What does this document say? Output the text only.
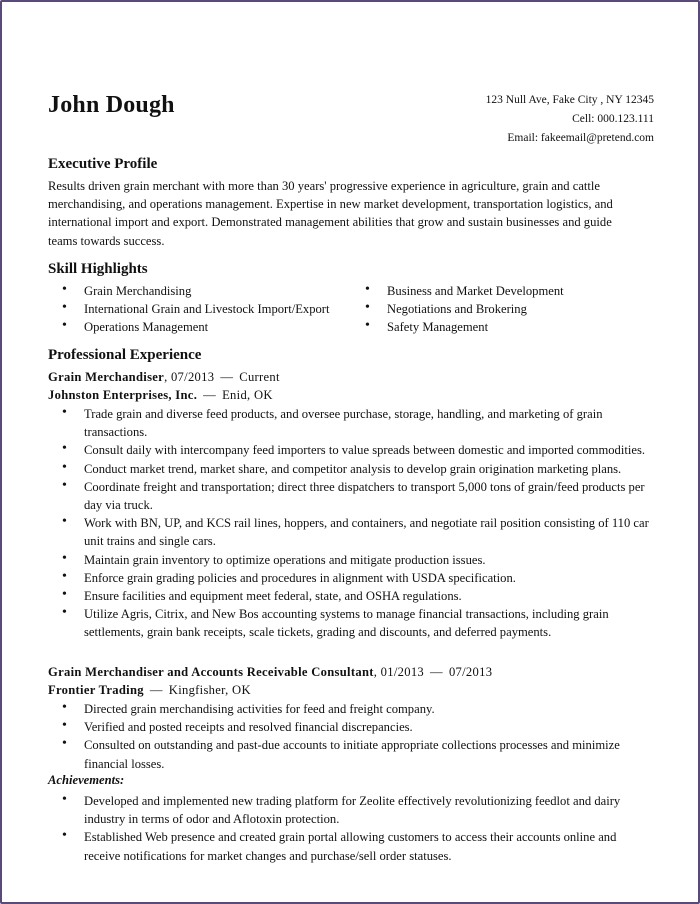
John Dough	123 Null Ave, Fake City , NY 12345
Cell: 000.123.111
Email: fakeemail@pretend.com
Executive Profile
Results driven grain merchant with more than 30 years' progressive experience in agriculture, grain and cattle merchandising, and operations management. Expertise in new market development, transportation logistics, and international import and export. Demonstrated management abilities that grow and sustain businesses and guide teams towards success.
Skill Highlights
• Grain Merchandising
• International Grain and Livestock Import/Export
• Operations Management
• Business and Market Development
• Negotiations and Brokering
• Safety Management
Professional Experience
Grain Merchandiser, 07/2013 — Current
Johnston Enterprises, Inc. — Enid, OK
• Trade grain and diverse feed products, and oversee purchase, storage, handling, and marketing of grain transactions.
• Consult daily with intercompany feed importers to value spreads between domestic and imported commodities.
• Conduct market trend, market share, and competitor analysis to develop grain origination marketing plans.
• Coordinate freight and transportation; direct three dispatchers to transport 5,000 tons of grain/feed products per day via truck.
• Work with BN, UP, and KCS rail lines, hoppers, and containers, and negotiate rail position consisting of 110 car unit trains and single cars.
• Maintain grain inventory to optimize operations and mitigate production issues.
• Enforce grain grading policies and procedures in alignment with USDA specification.
• Ensure facilities and equipment meet federal, state, and OSHA regulations.
• Utilize Agris, Citrix, and New Bos accounting systems to manage financial transactions, including grain settlements, grain bank receipts, scale tickets, grading and discounts, and deferred payments.
Grain Merchandiser and Accounts Receivable Consultant, 01/2013 — 07/2013
Frontier Trading — Kingfisher, OK
• Directed grain merchandising activities for feed and freight company.
• Verified and posted receipts and resolved financial discrepancies.
• Consulted on outstanding and past-due accounts to initiate appropriate collections processes and minimize financial losses.
Achievements:
• Developed and implemented new trading platform for Zeolite effectively revolutionizing feedlot and dairy industry in terms of odor and Aflotoxin protection.
• Established Web presence and created grain portal allowing customers to access their accounts online and receive notifications for market changes and purchase/sell order statuses.
